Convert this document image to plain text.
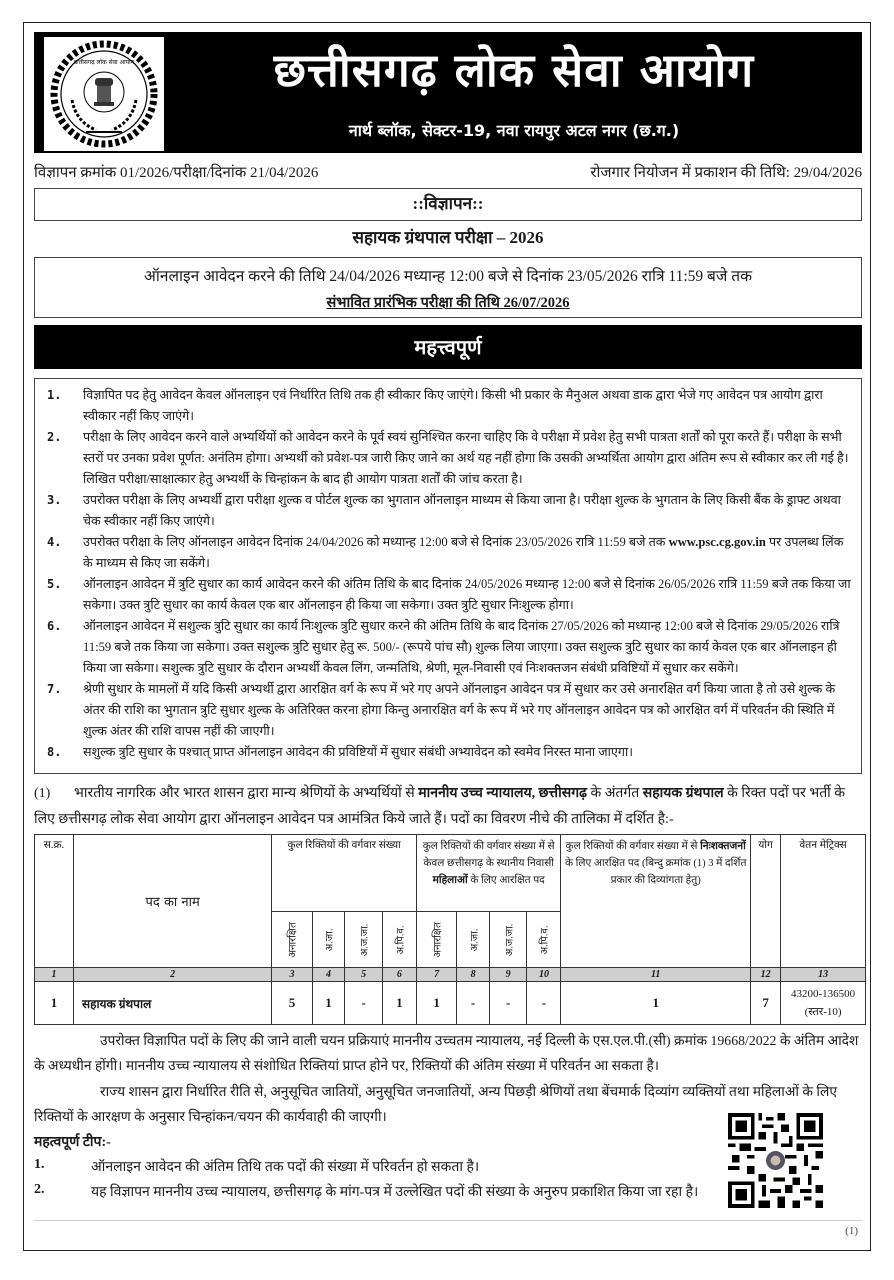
छत्तीसगढ़ लोक सेवा आयोग	छत्तीसगढ़ लोक सेवा आयोग
नार्थ ब्लॉक, सेक्टर-19, नवा रायपुर अटल नगर (छ.ग.)
विज्ञापन क्रमांक 01/2026/परीक्षा/दिनांक 21/04/2026	रोजगार नियोजन में प्रकाशन की तिथि: 29/04/2026
::विज्ञापन::
सहायक ग्रंथपाल परीक्षा – 2026
ऑनलाइन आवेदन करने की तिथि 24/04/2026 मध्यान्ह 12:00 बजे से दिनांक 23/05/2026 रात्रि 11:59 बजे तक
संभावित प्रारंभिक परीक्षा की तिथि 26/07/2026
महत्त्वपूर्ण
1.	विज्ञापित पद हेतु आवेदन केवल ऑनलाइन एवं निर्धारित तिथि तक ही स्वीकार किए जाएंगे। किसी भी प्रकार के मैनुअल अथवा डाक द्वारा भेजे गए आवेदन पत्र आयोग द्वारा स्वीकार नहीं किए जाएंगे।
2.	परीक्षा के लिए आवेदन करने वाले अभ्यर्थियों को आवेदन करने के पूर्व स्वयं सुनिश्चित करना चाहिए कि वे परीक्षा में प्रवेश हेतु सभी पात्रता शर्तों को पूरा करते हैं। परीक्षा के सभी स्तरों पर उनका प्रवेश पूर्णत: अनंतिम होगा। अभ्यर्थी को प्रवेश-पत्र जारी किए जाने का अर्थ यह नहीं होगा कि उसकी अभ्यर्थिता आयोग द्वारा अंतिम रूप से स्वीकार कर ली गई है। लिखित परीक्षा/साक्षात्कार हेतु अभ्यर्थी के चिन्हांकन के बाद ही आयोग पात्रता शर्तों की जांच करता है।
3.	उपरोक्त परीक्षा के लिए अभ्यर्थी द्वारा परीक्षा शुल्क व पोर्टल शुल्क का भुगतान ऑनलाइन माध्यम से किया जाना है। परीक्षा शुल्क के भुगतान के लिए किसी बैंक के ड्राफ्ट अथवा चेक स्वीकार नहीं किए जाएंगे।
4.	उपरोक्त परीक्षा के लिए ऑनलाइन आवेदन दिनांक 24/04/2026 को मध्यान्ह 12:00 बजे से दिनांक 23/05/2026 रात्रि 11:59 बजे तक www.psc.cg.gov.in पर उपलब्ध लिंक के माध्यम से किए जा सकेंगे।
5.	ऑनलाइन आवेदन में त्रुटि सुधार का कार्य आवेदन करने की अंतिम तिथि के बाद दिनांक 24/05/2026 मध्यान्ह 12:00 बजे से दिनांक 26/05/2026 रात्रि 11:59 बजे तक किया जा सकेगा। उक्त त्रुटि सुधार का कार्य केवल एक बार ऑनलाइन ही किया जा सकेगा। उक्त त्रुटि सुधार निःशुल्क होगा।
6.	ऑनलाइन आवेदन में सशुल्क त्रुटि सुधार का कार्य निःशुल्क त्रुटि सुधार करने की अंतिम तिथि के बाद दिनांक 27/05/2026 को मध्यान्ह 12:00 बजे से दिनांक 29/05/2026 रात्रि 11:59 बजे तक किया जा सकेगा। उक्त सशुल्क त्रुटि सुधार हेतु रू. 500/- (रूपये पांच सौ) शुल्क लिया जाएगा। उक्त सशुल्क त्रुटि सुधार का कार्य केवल एक बार ऑनलाइन ही किया जा सकेगा। सशुल्क त्रुटि सुधार के दौरान अभ्यर्थी केवल लिंग, जन्मतिथि, श्रेणी, मूल-निवासी एवं निःशक्तजन संबंधी प्रविष्टियों में सुधार कर सकेंगे।
7.	श्रेणी सुधार के मामलों में यदि किसी अभ्यर्थी द्वारा आरक्षित वर्ग के रूप में भरे गए अपने ऑनलाइन आवेदन पत्र में सुधार कर उसे अनारक्षित वर्ग किया जाता है तो उसे शुल्क के अंतर की राशि का भुगतान त्रुटि सुधार शुल्क के अतिरिक्त करना होगा किन्तु अनारक्षित वर्ग के रूप में भरे गए ऑनलाइन आवेदन पत्र को आरक्षित वर्ग में परिवर्तन की स्थिति में शुल्क अंतर की राशि वापस नहीं की जाएगी।
8.	सशुल्क त्रुटि सुधार के पश्चात् प्राप्त ऑनलाइन आवेदन की प्रविष्टियों में सुधार संबंधी अभ्यावेदन को स्वमेव निरस्त माना जाएगा।
(1) भारतीय नागरिक और भारत शासन द्वारा मान्य श्रेणियों के अभ्यर्थियों से माननीय उच्च न्यायालय, छत्तीसगढ़ के अंतर्गत सहायक ग्रंथपाल के रिक्त पदों पर भर्ती के लिए छत्तीसगढ़ लोक सेवा आयोग द्वारा ऑनलाइन आवेदन पत्र आमंत्रित किये जाते हैं। पदों का विवरण नीचे की तालिका में दर्शित है:-
स.क्र.	पद का नाम	कुल रिक्तियों की वर्गवार संख्या				कुल रिक्तियों की वर्गवार संख्या में से केवल छत्तीसगढ़ के स्थानीय निवासी महिलाओं के लिए आरक्षित पद				कुल रिक्तियों की वर्गवार संख्या में से निःशक्तजनों के लिए आरक्षित पद (बिन्दु क्रमांक (1) 3 में दर्शित प्रकार की दिव्यांगता हेतु)	योग	वेतन मेट्रिक्स
		अनारक्षित	अ.जा.	अ.ज.जा.	अ.पि.व.	अनारक्षित	अ.जा.	अ.ज.जा.	अ.पि.व.			
1	2	3	4	5	6	7	8	9	10	11	12	13
1	सहायक ग्रंथपाल	5	1	-	1	1	-	-	-	1	7	43200-136500
(स्तर-10)
उपरोक्त विज्ञापित पदों के लिए की जाने वाली चयन प्रक्रियाएं माननीय उच्चतम न्यायालय, नई दिल्ली के एस.एल.पी.(सी) क्रमांक 19668/2022 के अंतिम आदेश के अध्यधीन होंगी। माननीय उच्च न्यायालय से संशोधित रिक्तियां प्राप्त होने पर, रिक्तियों की अंतिम संख्या में परिवर्तन आ सकता है।
राज्य शासन द्वारा निर्धारित रीति से, अनुसूचित जातियों, अनुसूचित जनजातियों, अन्य पिछड़ी श्रेणियों तथा बेंचमार्क दिव्यांग व्यक्तियों तथा महिलाओं के लिए रिक्तियों के आरक्षण के अनुसार चिन्हांकन/चयन की कार्यवाही की जाएगी।
महत्वपूर्ण टीप:-
1.	ऑनलाइन आवेदन की अंतिम तिथि तक पदों की संख्या में परिवर्तन हो सकता है।
2.	यह विज्ञापन माननीय उच्च न्यायालय, छत्तीसगढ़ के मांग-पत्र में उल्लेखित पदों की संख्या के अनुरुप प्रकाशित किया जा रहा है।
(1)
